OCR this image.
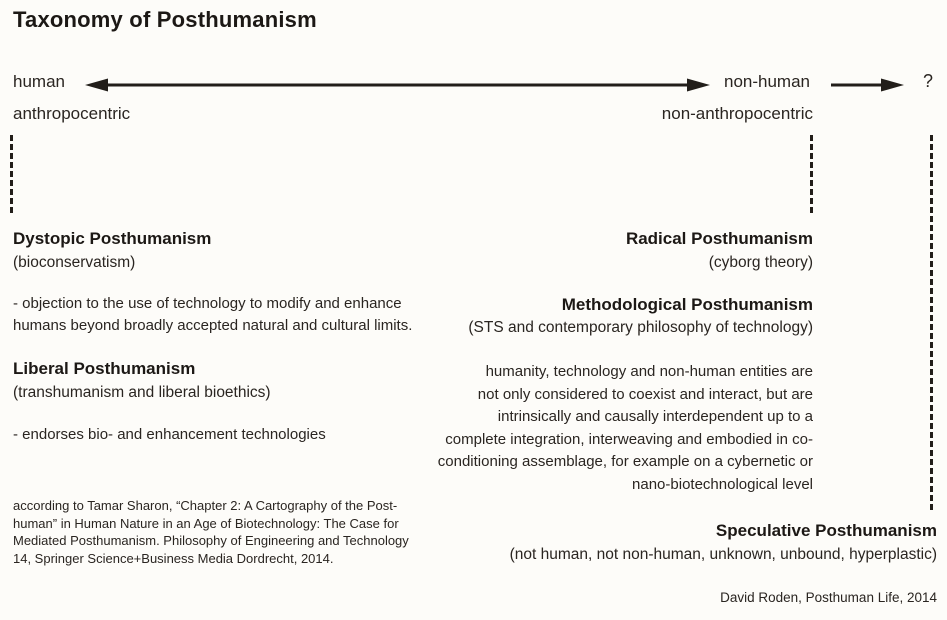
Taxonomy of Posthumanism
human	non-human	?
anthropocentric	non-anthropocentric
Dystopic Posthumanism
(bioconservatism)
- objection to the use of technology to modify and enhance
humans beyond broadly accepted natural and cultural limits.
Liberal Posthumanism
(transhumanism and liberal bioethics)
- endorses bio- and enhancement technologies
according to Tamar Sharon, “Chapter 2: A Cartography of the Post-
human” in Human Nature in an Age of Biotechnology: The Case for
Mediated Posthumanism. Philosophy of Engineering and Technology
14, Springer Science+Business Media Dordrecht, 2014.
Radical Posthumanism
(cyborg theory)
Methodological Posthumanism
(STS and contemporary philosophy of technology)
humanity, technology and non-human entities are
not only considered to coexist and interact, but are
intrinsically and causally interdependent up to a
complete integration, interweaving and embodied in co-
conditioning assemblage, for example on a cybernetic or
nano-biotechnological level
Speculative Posthumanism
(not human, not non-human, unknown, unbound, hyperplastic)
David Roden, Posthuman Life, 2014
